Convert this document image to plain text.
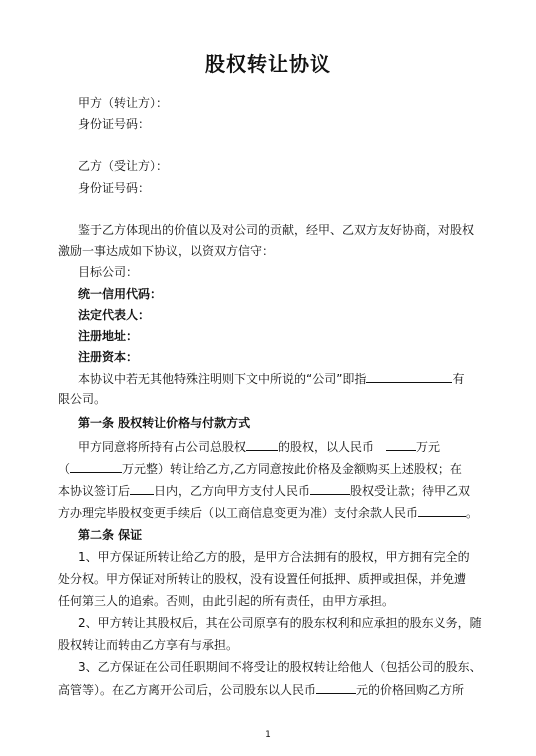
股权转让协议
甲方（转让方）：
身份证号码：
乙方（受让方）：
身份证号码：
鉴于乙方体现出的价值以及对公司的贡献，经甲、乙双方友好协商，对股权
激励一事达成如下协议，以资双方信守：
目标公司：
统一信用代码：
法定代表人：
注册地址：
注册资本：
本协议中若无其他特殊注明则下文中所说的“公司”即指	有
限公司。
第一条 股权转让价格与付款方式
甲方同意将所持有占公司总股权	的股权，以人民币	万元
（	万元整）转让给乙方,乙方同意按此价格及金额购买上述股权；在
本协议签订后 日内，乙方向甲方支付人民币	股权受让款；待甲乙双
方办理完毕股权变更手续后（以工商信息变更为准）支付余款人民币	。
第二条 保证
1、甲方保证所转让给乙方的股，是甲方合法拥有的股权，甲方拥有完全的
处分权。甲方保证对所转让的股权，没有设置任何抵押、质押或担保，并免遭
任何第三人的追索。否则，由此引起的所有责任，由甲方承担。
2、甲方转让其股权后，其在公司原享有的股东权利和应承担的股东义务，随
股权转让而转由乙方享有与承担。
3、乙方保证在公司任职期间不将受让的股权转让给他人（包括公司的股东、
高管等）。在乙方离开公司后，公司股东以人民币	元的价格回购乙方所
1
